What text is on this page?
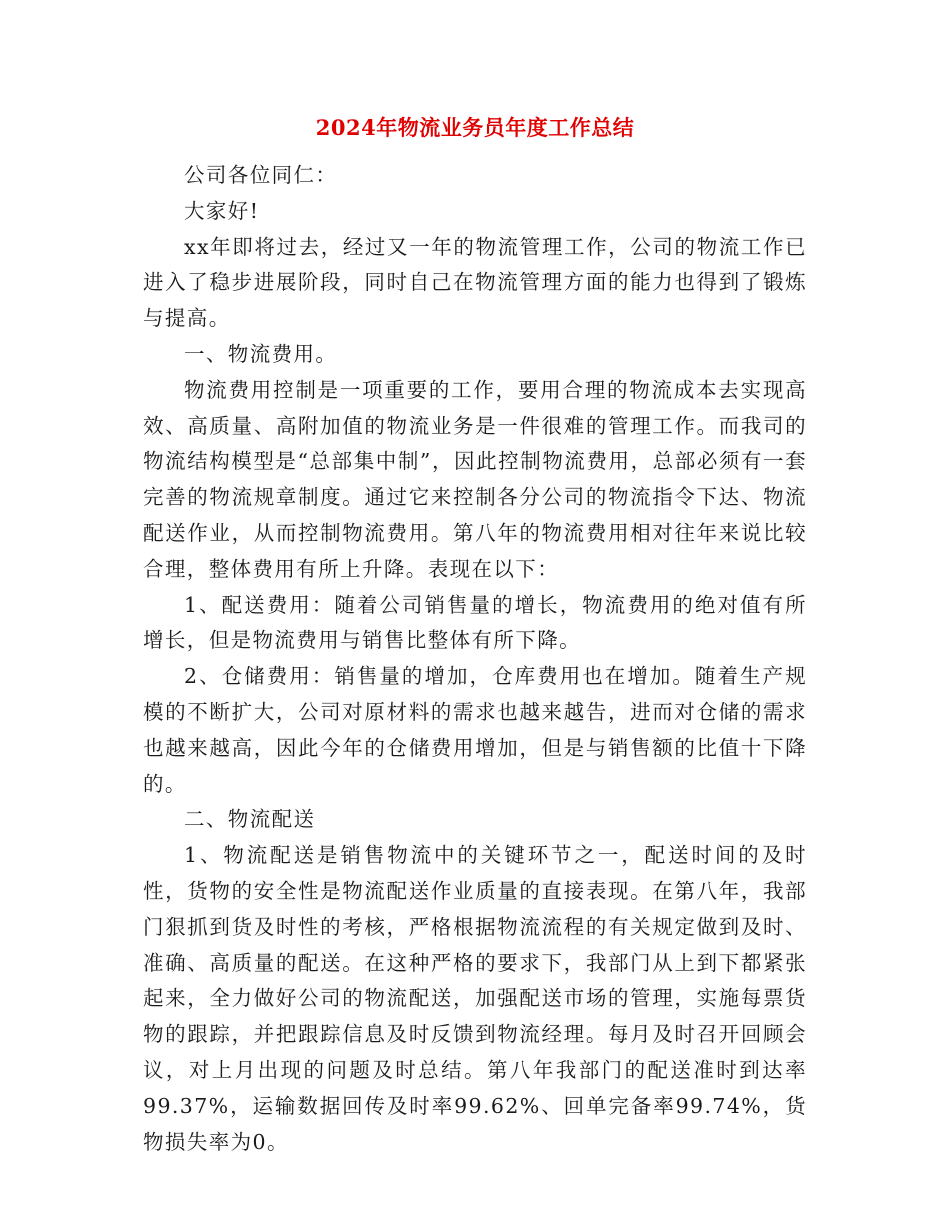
2024年物流业务员年度工作总结

公司各位同仁：

大家好!

xx年即将过去，经过又一年的物流管理工作，公司的物流工作已进入了稳步进展阶段，同时自己在物流管理方面的能力也得到了锻炼与提高。

一、物流费用。

物流费用控制是一项重要的工作，要用合理的物流成本去实现高效、高质量、高附加值的物流业务是一件很难的管理工作。而我司的物流结构模型是“总部集中制”，因此控制物流费用，总部必须有一套完善的物流规章制度。通过它来控制各分公司的物流指令下达、物流配送作业，从而控制物流费用。第八年的物流费用相对往年来说比较合理，整体费用有所上升降。表现在以下：

1、配送费用：随着公司销售量的增长，物流费用的绝对值有所增长，但是物流费用与销售比整体有所下降。

2、仓储费用：销售量的增加，仓库费用也在增加。随着生产规模的不断扩大，公司对原材料的需求也越来越告，进而对仓储的需求也越来越高，因此今年的仓储费用增加，但是与销售额的比值十下降的。

二、物流配送

1、物流配送是销售物流中的关键环节之一，配送时间的及时性，货物的安全性是物流配送作业质量的直接表现。在第八年，我部门狠抓到货及时性的考核，严格根据物流流程的有关规定做到及时、准确、高质量的配送。在这种严格的要求下，我部门从上到下都紧张起来，全力做好公司的物流配送，加强配送市场的管理，实施每票货物的跟踪，并把跟踪信息及时反馈到物流经理。每月及时召开回顾会议，对上月出现的问题及时总结。第八年我部门的配送准时到达率99.37%，运输数据回传及时率99.62%、回单完备率99.74%，货物损失率为0。
